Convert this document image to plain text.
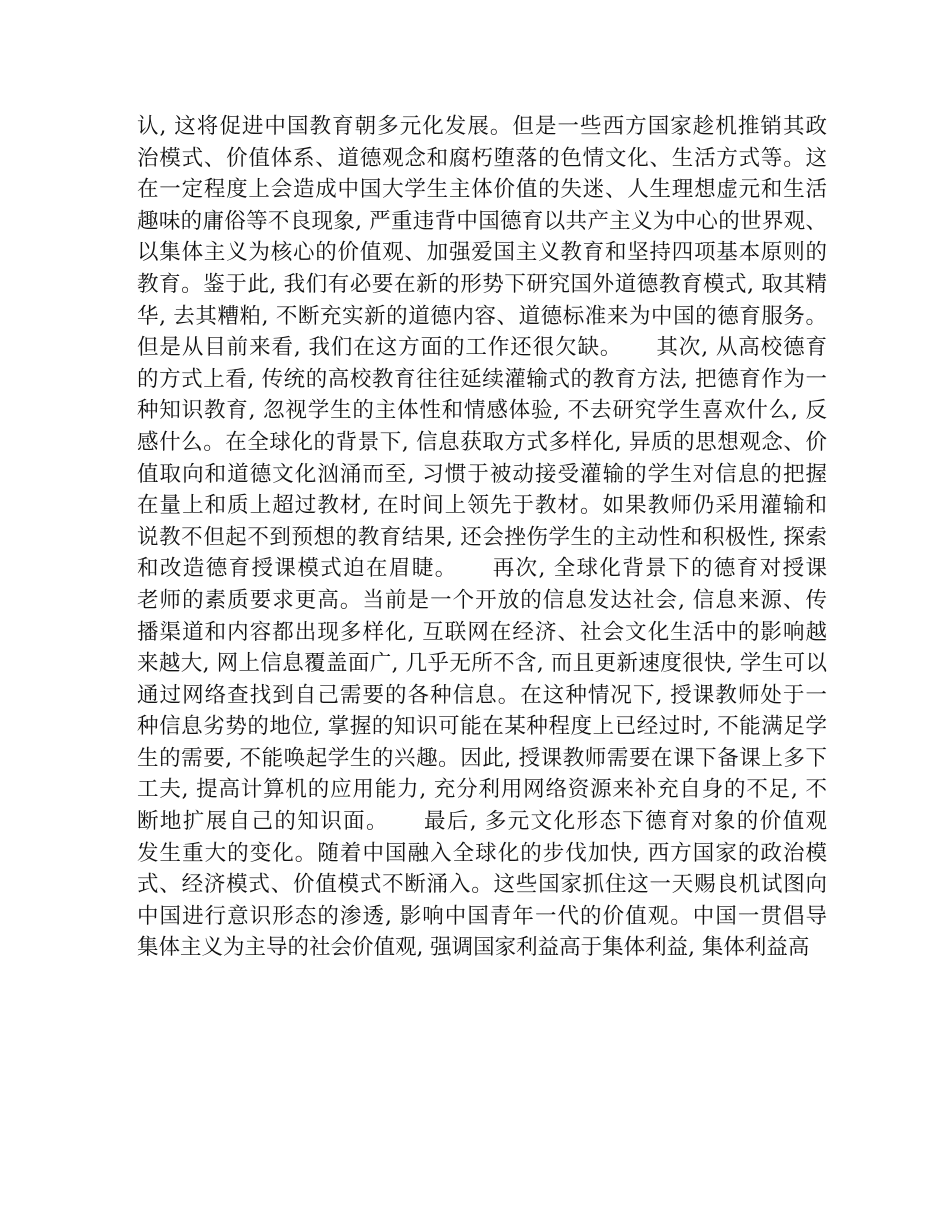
认, 这将促进中国教育朝多元化发展。但是一些西方国家趁机推销其政
治模式、价值体系、道德观念和腐朽堕落的色情文化、生活方式等。这
在一定程度上会造成中国大学生主体价值的失迷、人生理想虚元和生活
趣味的庸俗等不良现象, 严重违背中国德育以共产主义为中心的世界观、
以集体主义为核心的价值观、加强爱国主义教育和坚持四项基本原则的
教育。鉴于此, 我们有必要在新的形势下研究国外道德教育模式, 取其精
华, 去其糟粕, 不断充实新的道德内容、道德标准来为中国的德育服务。
但是从目前来看, 我们在这方面的工作还很欠缺。　　其次, 从高校德育
的方式上看, 传统的高校教育往往延续灌输式的教育方法, 把德育作为一
种知识教育, 忽视学生的主体性和情感体验, 不去研究学生喜欢什么, 反
感什么。在全球化的背景下, 信息获取方式多样化, 异质的思想观念、价
值取向和道德文化汹涌而至, 习惯于被动接受灌输的学生对信息的把握
在量上和质上超过教材, 在时间上领先于教材。如果教师仍采用灌输和
说教不但起不到预想的教育结果, 还会挫伤学生的主动性和积极性, 探索
和改造德育授课模式迫在眉睫。　　再次, 全球化背景下的德育对授课
老师的素质要求更高。当前是一个开放的信息发达社会, 信息来源、传
播渠道和内容都出现多样化, 互联网在经济、社会文化生活中的影响越
来越大, 网上信息覆盖面广, 几乎无所不含, 而且更新速度很快, 学生可以
通过网络查找到自己需要的各种信息。在这种情况下, 授课教师处于一
种信息劣势的地位, 掌握的知识可能在某种程度上已经过时, 不能满足学
生的需要, 不能唤起学生的兴趣。因此, 授课教师需要在课下备课上多下
工夫, 提高计算机的应用能力, 充分利用网络资源来补充自身的不足, 不
断地扩展自己的知识面。　　最后, 多元文化形态下德育对象的价值观
发生重大的变化。随着中国融入全球化的步伐加快, 西方国家的政治模
式、经济模式、价值模式不断涌入。这些国家抓住这一天赐良机试图向
中国进行意识形态的渗透, 影响中国青年一代的价值观。中国一贯倡导
集体主义为主导的社会价值观, 强调国家利益高于集体利益, 集体利益高
